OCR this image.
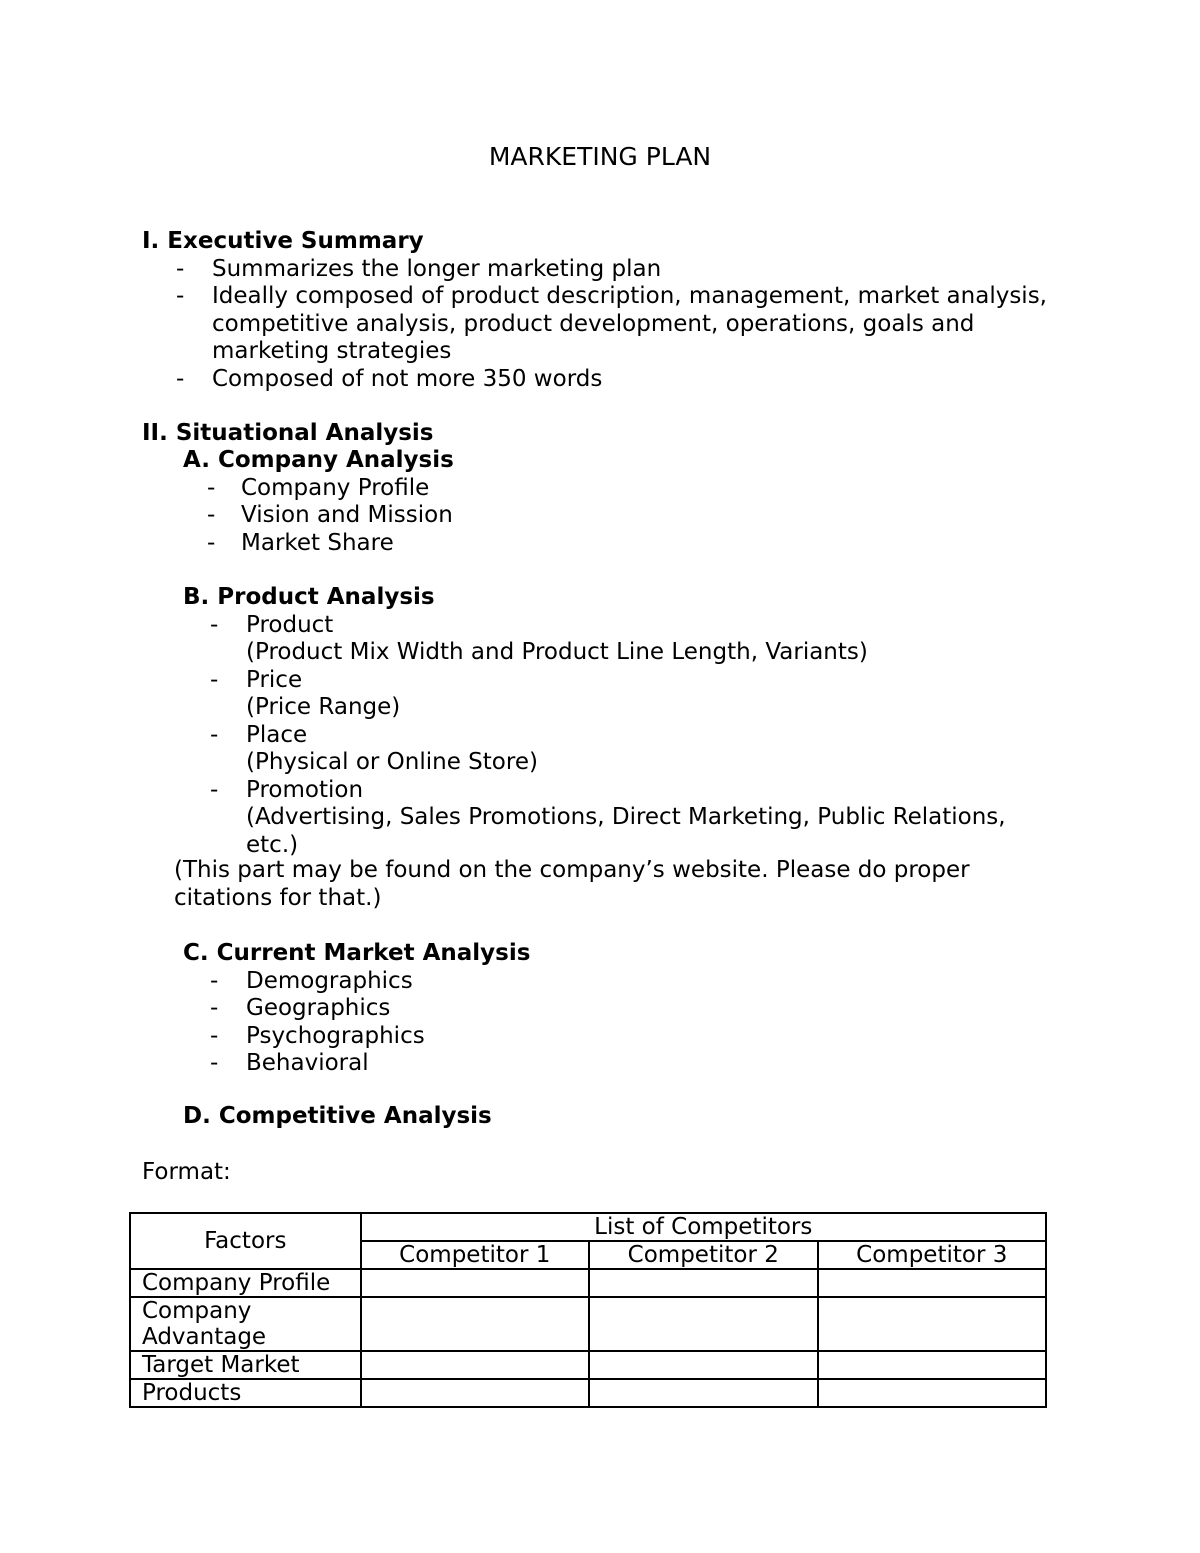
MARKETING PLAN
I. Executive Summary
- Summarizes the longer marketing plan
- Ideally composed of product description, management, market analysis, competitive analysis, product development, operations, goals and marketing strategies
- Composed of not more 350 words
II. Situational Analysis
A. Company Analysis
- Company Profile
- Vision and Mission
- Market Share
B. Product Analysis
- Product
(Product Mix Width and Product Line Length, Variants)
- Price
(Price Range)
- Place
(Physical or Online Store)
- Promotion
(Advertising, Sales Promotions, Direct Marketing, Public Relations, etc.)
(This part may be found on the company’s website. Please do proper citations for that.)
C. Current Market Analysis
- Demographics
- Geographics
- Psychographics
- Behavioral
D. Competitive Analysis
Format:
Factors	List of Competitors		
	Competitor 1	Competitor 2	Competitor 3
Company Profile			
Company Advantage			
Target Market			
Products			
